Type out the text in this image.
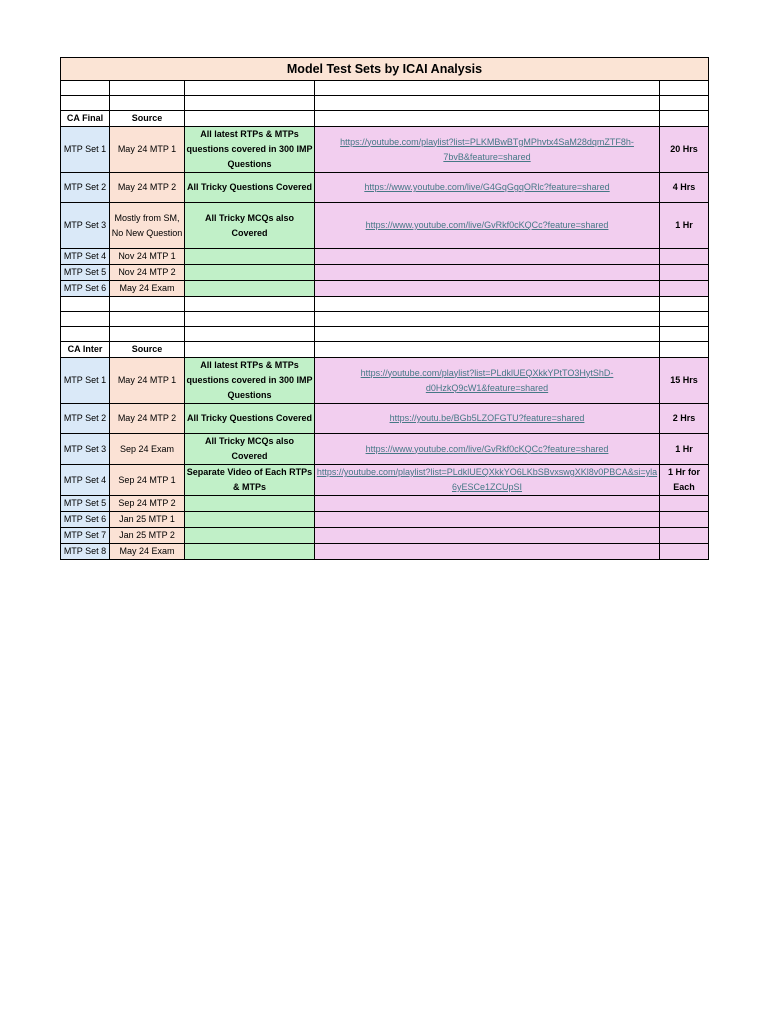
Model Test Sets by ICAI Analysis				

CA Final	Source			
MTP Set 1	May 24 MTP 1	All latest RTPs & MTPs questions covered in 300 IMP Questions	https://youtube.com/playlist?list=PLKMBwBTgMPhvtx4SaM28dqmZTF8h-7bvB&feature=shared	20 Hrs
MTP Set 2	May 24 MTP 2	All Tricky Questions Covered	https://www.youtube.com/live/G4GqGgqORlc?feature=shared	4 Hrs
MTP Set 3	Mostly from SM, No New Question	All Tricky MCQs also Covered	https://www.youtube.com/live/GvRkf0cKQCc?feature=shared	1 Hr
MTP Set 4	Nov 24 MTP 1			
MTP Set 5	Nov 24 MTP 2			
MTP Set 6	May 24 Exam			

CA Inter	Source			
MTP Set 1	May 24 MTP 1	All latest RTPs & MTPs questions covered in 300 IMP Questions	https://youtube.com/playlist?list=PLdklUEQXkkYPtTO3HytShD-d0HzkQ9cW1&feature=shared	15 Hrs
MTP Set 2	May 24 MTP 2	All Tricky Questions Covered	https://youtu.be/BGb5LZOFGTU?feature=shared	2 Hrs
MTP Set 3	Sep 24 Exam	All Tricky MCQs also Covered	https://www.youtube.com/live/GvRkf0cKQCc?feature=shared	1 Hr
MTP Set 4	Sep 24 MTP 1	Separate Video of Each RTPs & MTPs	https://youtube.com/playlist?list=PLdklUEQXkkYO6LKbSBvxswgXKl8v0PBCA&si=yla6yESCe1ZCUpSI	1 Hr for Each
MTP Set 5	Sep 24 MTP 2			
MTP Set 6	Jan 25 MTP 1			
MTP Set 7	Jan 25 MTP 2			
MTP Set 8	May 24 Exam			
